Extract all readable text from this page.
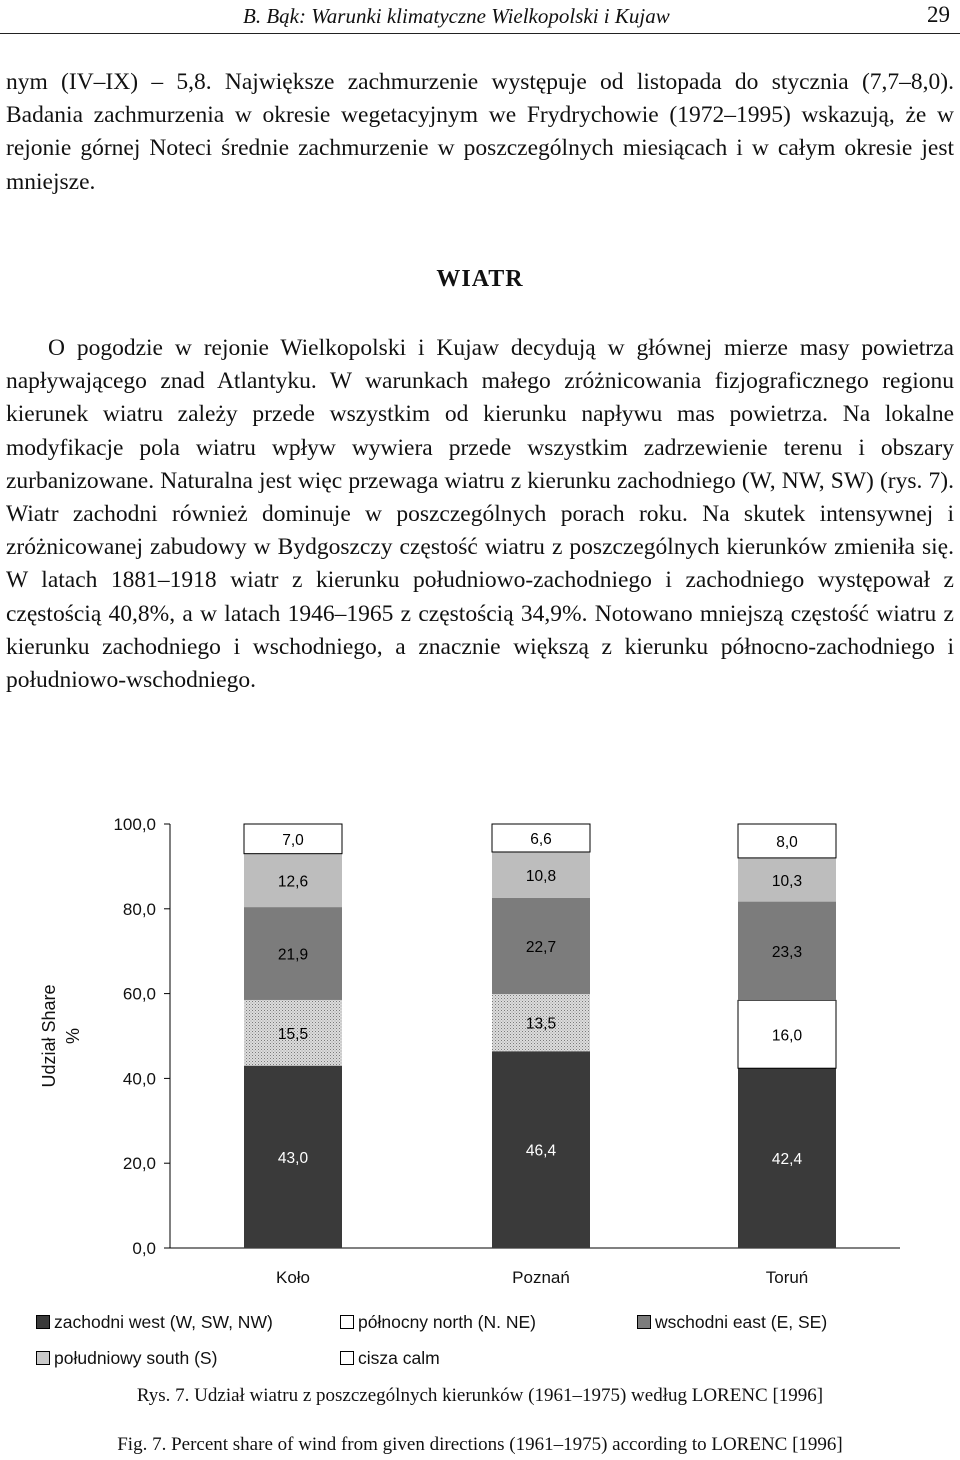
B. Bąk: Warunki klimatyczne Wielkopolski i Kujaw	29

nym (IV–IX) – 5,8. Największe zachmurzenie występuje od listopada do stycznia (7,7–8,0). Badania zachmurzenia w okresie wegetacyjnym we Frydrychowie (1972–1995) wskazują, że w rejonie górnej Noteci średnie zachmurzenie w poszczególnych miesiącach i w całym okresie jest mniejsze.

WIATR

O pogodzie w rejonie Wielkopolski i Kujaw decydują w głównej mierze masy powietrza napływającego znad Atlantyku. W warunkach małego zróżnicowania fizjograficznego regionu kierunek wiatru zależy przede wszystkim od kierunku napływu mas powietrza. Na lokalne modyfikacje pola wiatru wpływ wywiera przede wszystkim zadrzewienie terenu i obszary zurbanizowane. Naturalna jest więc przewaga wiatru z kierunku zachodniego (W, NW, SW) (rys. 7). Wiatr zachodni również dominuje w poszczególnych porach roku. Na skutek intensywnej i zróżnicowanej zabudowy w Bydgoszczy częstość wiatru z poszczególnych kierunków zmieniła się. W latach 1881–1918 wiatr z kierunku południowo-zachodniego i zachodniego występował z częstością 40,8%, a w latach 1946–1965 z częstością 34,9%. Notowano mniejszą częstość wiatru z kierunku zachodniego i wschodniego, a znacznie większą z kierunku północno-zachodniego i południowo-wschodniego.

0,0
20,0
40,0
60,0
80,0
100,0
43,0
15,5
21,9
12,6
7,0
46,4
13,5
22,7
10,8
6,6
42,4
16,0
23,3
10,3
8,0
Koło	Poznań	Toruń
Udział Share %
zachodni west (W, SW, NW)	północny north (N. NE)	wschodni east (E, SE)
południowy south (S)	cisza calm
Rys. 7. Udział wiatru z poszczególnych kierunków (1961–1975) według LORENC [1996]
Fig. 7. Percent share of wind from given directions (1961–1975) according to LORENC [1996]
